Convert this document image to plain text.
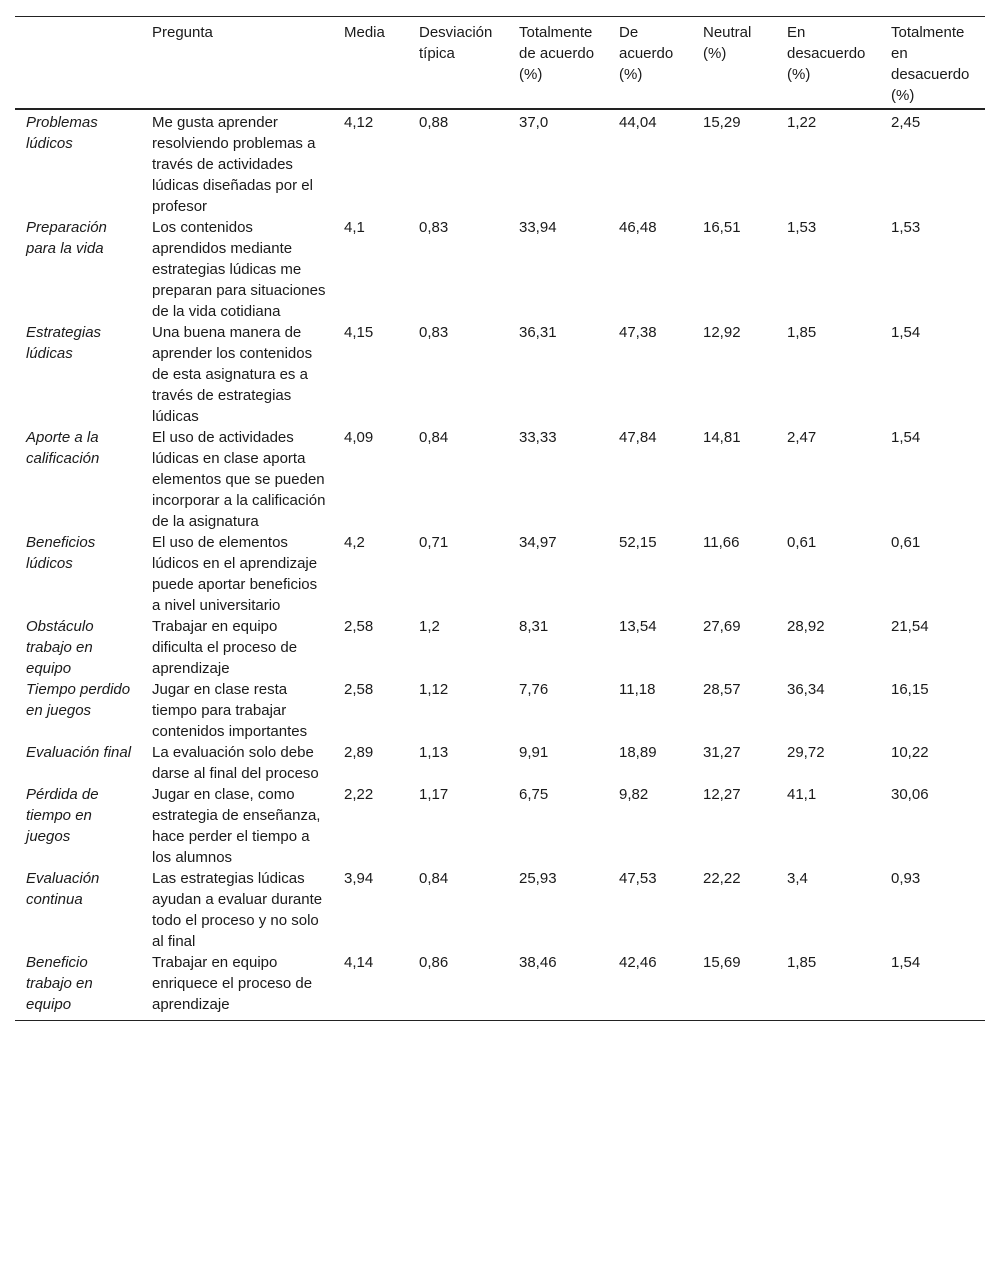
	Pregunta	Media	Desviación típica	Totalmente de acuerdo (%)	De acuerdo (%)	Neutral (%)	En desacuerdo (%)	Totalmente en desacuerdo (%)
Problemas lúdicos	Me gusta aprender resolviendo problemas a través de actividades lúdicas diseñadas por el profesor	4,12	0,88	37,0	44,04	15,29	1,22	2,45
Preparación para la vida	Los contenidos aprendidos mediante estrategias lúdicas me preparan para situaciones de la vida cotidiana	4,1	0,83	33,94	46,48	16,51	1,53	1,53
Estrategias lúdicas	Una buena manera de aprender los contenidos de esta asignatura es a través de estrategias lúdicas	4,15	0,83	36,31	47,38	12,92	1,85	1,54
Aporte a la calificación	El uso de actividades lúdicas en clase aporta elementos que se pueden incorporar a la calificación de la asignatura	4,09	0,84	33,33	47,84	14,81	2,47	1,54
Beneficios lúdicos	El uso de elementos lúdicos en el aprendizaje puede aportar beneficios a nivel universitario	4,2	0,71	34,97	52,15	11,66	0,61	0,61
Obstáculo trabajo en equipo	Trabajar en equipo dificulta el proceso de aprendizaje	2,58	1,2	8,31	13,54	27,69	28,92	21,54
Tiempo perdido en juegos	Jugar en clase resta tiempo para trabajar contenidos importantes	2,58	1,12	7,76	11,18	28,57	36,34	16,15
Evaluación final	La evaluación solo debe darse al final del proceso	2,89	1,13	9,91	18,89	31,27	29,72	10,22
Pérdida de tiempo en juegos	Jugar en clase, como estrategia de enseñanza, hace perder el tiempo a los alumnos	2,22	1,17	6,75	9,82	12,27	41,1	30,06
Evaluación continua	Las estrategias lúdicas ayudan a evaluar durante todo el proceso y no solo al final	3,94	0,84	25,93	47,53	22,22	3,4	0,93
Beneficio trabajo en equipo	Trabajar en equipo enriquece el proceso de aprendizaje	4,14	0,86	38,46	42,46	15,69	1,85	1,54
